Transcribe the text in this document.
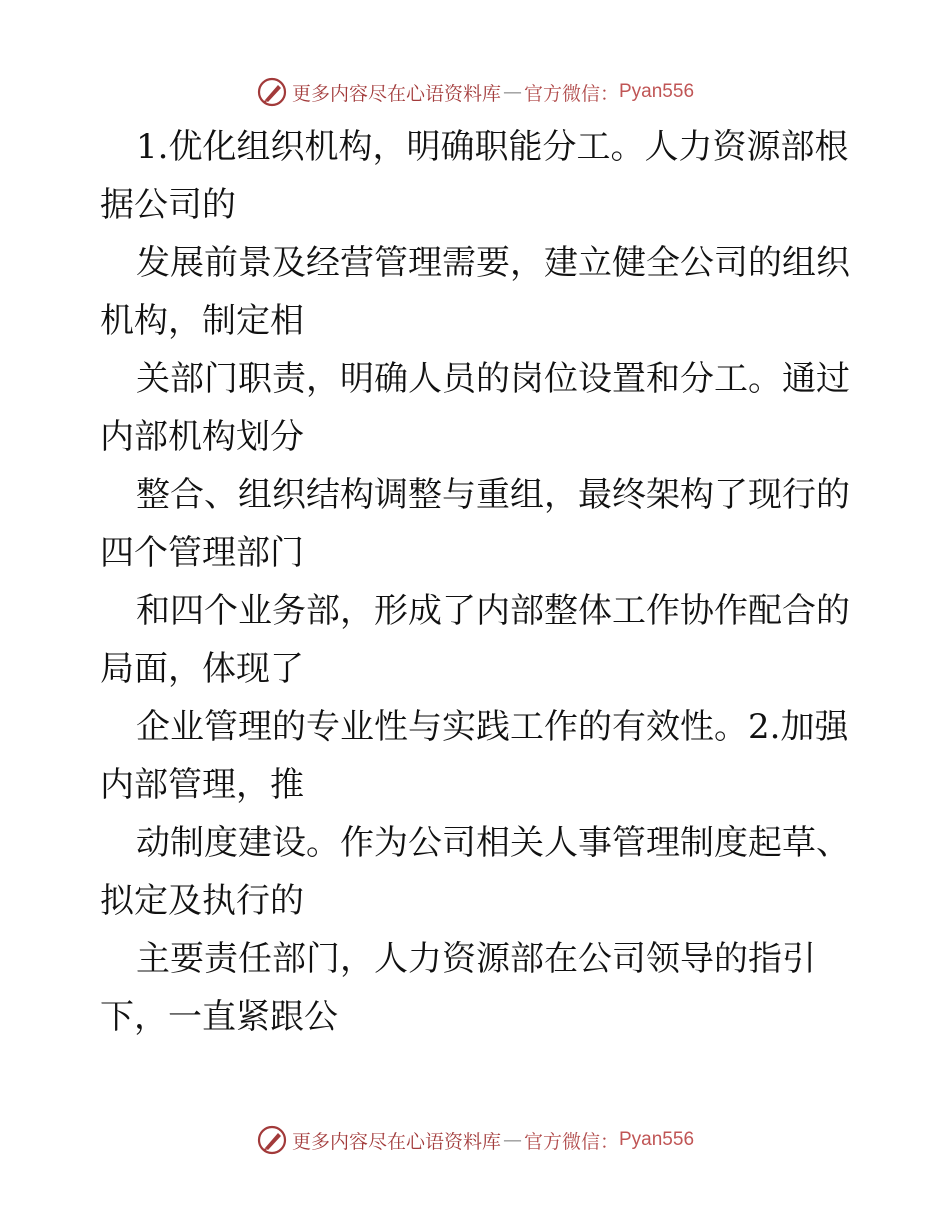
更多内容尽在心语资料库 — 官方微信： Pyan556

1.优化组织机构，明确职能分工。人力资源部根
据公司的

发展前景及经营管理需要，建立健全公司的组织
机构，制定相

关部门职责，明确人员的岗位设置和分工。通过
内部机构划分

整合、组织结构调整与重组，最终架构了现行的
四个管理部门

和四个业务部，形成了内部整体工作协作配合的
局面，体现了

企业管理的专业性与实践工作的有效性。2.加强
内部管理，推

动制度建设。作为公司相关人事管理制度起草、
拟定及执行的

主要责任部门，人力资源部在公司领导的指引
下，一直紧跟公

更多内容尽在心语资料库 — 官方微信： Pyan556
